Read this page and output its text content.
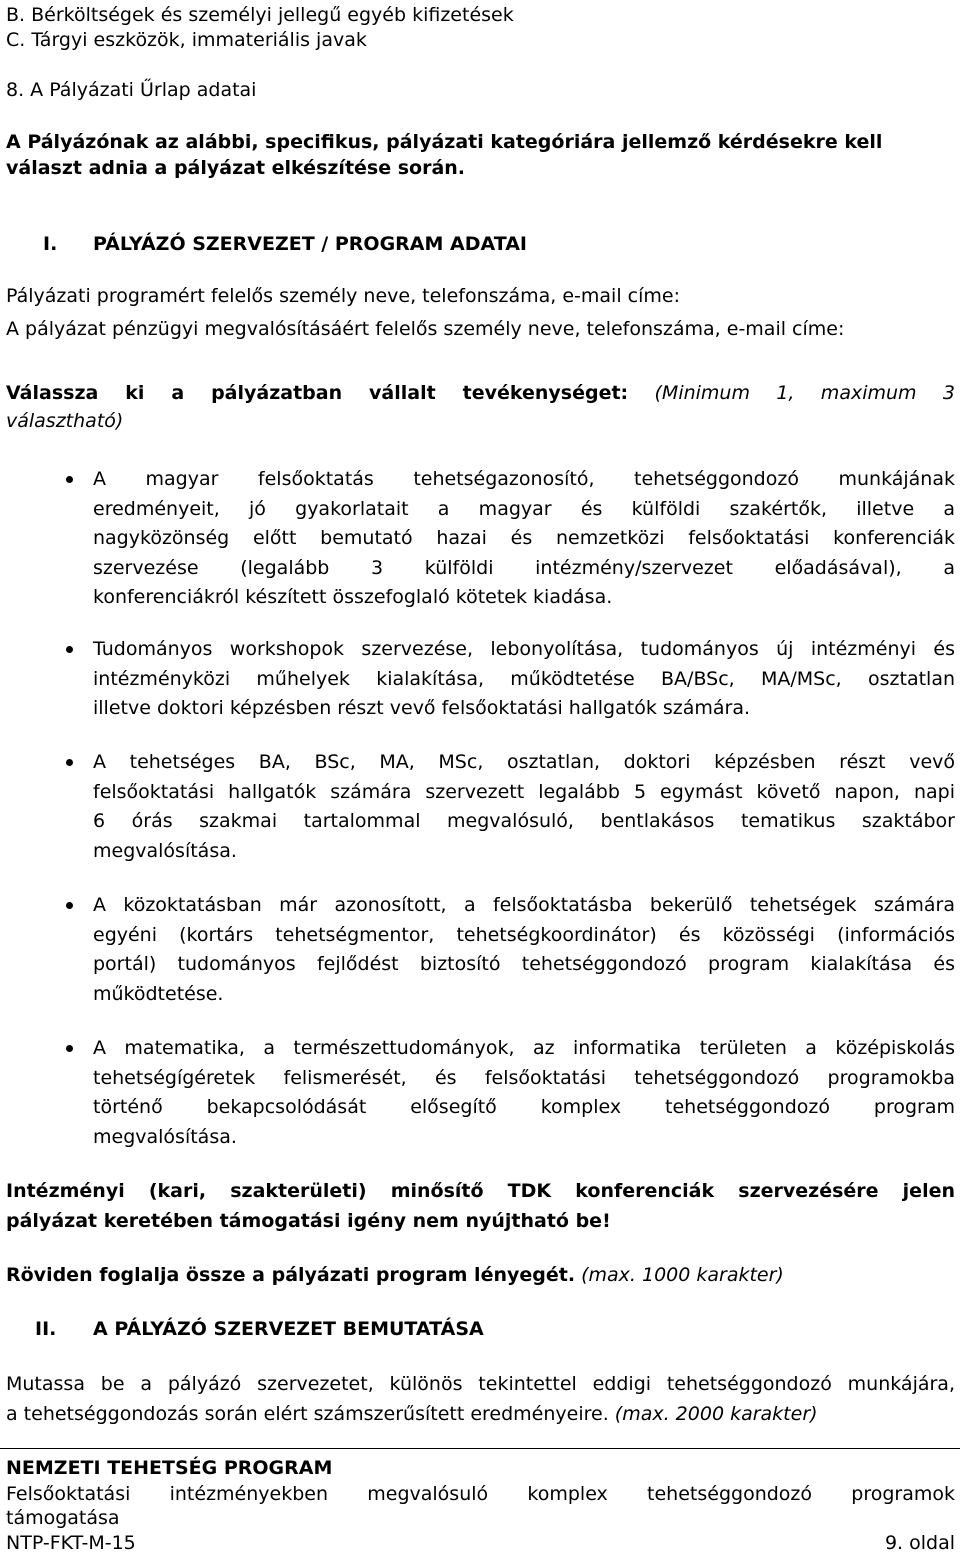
B. Bérköltségek és személyi jellegű egyéb kifizetések
C. Tárgyi eszközök, immateriális javak
8. A Pályázati Űrlap adatai
A Pályázónak az alábbi, specifikus, pályázati kategóriára jellemző kérdésekre kell
választ adnia a pályázat elkészítése során.
I. PÁLYÁZÓ SZERVEZET / PROGRAM ADATAI
Pályázati programért felelős személy neve, telefonszáma, e-mail címe:
A pályázat pénzügyi megvalósításáért felelős személy neve, telefonszáma, e-mail címe:
Válassza ki a pályázatban vállalt tevékenységet: (Minimum 1, maximum 3
választható)
A magyar felsőoktatás tehetségazonosító, tehetséggondozó munkájának
eredményeit, jó gyakorlatait a magyar és külföldi szakértők, illetve a
nagyközönség előtt bemutató hazai és nemzetközi felsőoktatási konferenciák
szervezése (legalább 3 külföldi intézmény/szervezet előadásával), a
konferenciákról készített összefoglaló kötetek kiadása.
Tudományos workshopok szervezése, lebonyolítása, tudományos új intézményi és
intézményközi műhelyek kialakítása, működtetése BA/BSc, MA/MSc, osztatlan
illetve doktori képzésben részt vevő felsőoktatási hallgatók számára.
A tehetséges BA, BSc, MA, MSc, osztatlan, doktori képzésben részt vevő
felsőoktatási hallgatók számára szervezett legalább 5 egymást követő napon, napi
6 órás szakmai tartalommal megvalósuló, bentlakásos tematikus szaktábor
megvalósítása.
A közoktatásban már azonosított, a felsőoktatásba bekerülő tehetségek számára
egyéni (kortárs tehetségmentor, tehetségkoordinátor) és közösségi (információs
portál) tudományos fejlődést biztosító tehetséggondozó program kialakítása és
működtetése.
A matematika, a természettudományok, az informatika területen a középiskolás
tehetségígéretek felismerését, és felsőoktatási tehetséggondozó programokba
történő bekapcsolódását elősegítő komplex tehetséggondozó program
megvalósítása.
Intézményi (kari, szakterületi) minősítő TDK konferenciák szervezésére jelen
pályázat keretében támogatási igény nem nyújtható be!
Röviden foglalja össze a pályázati program lényegét. (max. 1000 karakter)
II. A PÁLYÁZÓ SZERVEZET BEMUTATÁSA
Mutassa be a pályázó szervezetet, különös tekintettel eddigi tehetséggondozó munkájára,
a tehetséggondozás során elért számszerűsített eredményeire. (max. 2000 karakter)
NEMZETI TEHETSÉG PROGRAM
Felsőoktatási intézményekben megvalósuló komplex tehetséggondozó programok
támogatása
NTP-FKT-M-15	9. oldal
